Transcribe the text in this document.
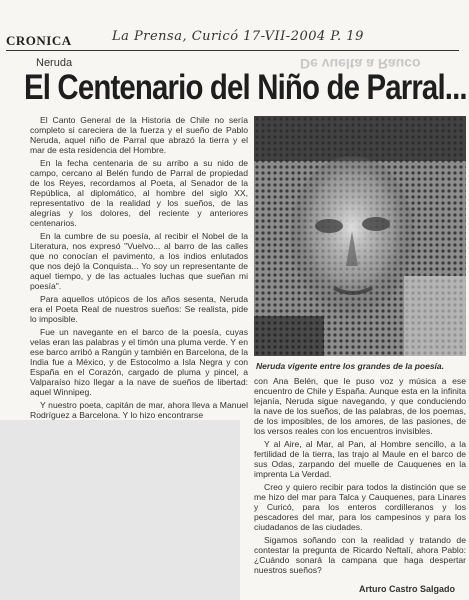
CRONICA	La Prensa, Curicó 17-VII-2004 P. 19
De vuelta a Rauco
Neruda
El Centenario del Niño de Parral...

El Canto General de la Historia de Chile no sería completo si careciera de la fuerza y el sueño de Pablo Neruda, aquel niño de Parral que abrazó la tierra y el mar de esta residencia del Hombre.

En la fecha centenaria de su arribo a su nido de campo, cercano al Belén fundo de Parral de propiedad de los Reyes, recordamos al Poeta, al Senador de la República, al diplomático, al hombre del siglo XX, representativo de la realidad y los sueños, de las alegrías y los dolores, del reciente y anteriores centenarios.

En la cumbre de su poesía, al recibir el Nobel de la Literatura, nos expresó "Vuelvo... al barro de las calles que no conocían el pavimento, a los indios enlutados que nos dejó la Conquista... Yo soy un representante de aquel tiempo, y de las actuales luchas que sueñan mi poesía".

Para aquellos utópicos de los años sesenta, Neruda era el Poeta Real de nuestros sueños: Se realista, pide lo imposible.

Fue un navegante en el barco de la poesía, cuyas velas eran las palabras y el timón una pluma verde. Y en ese barco arribó a Rangún y también en Barcelona, de la India fue a México, y de Estocolmo a Isla Negra y con España en el Corazón, cargado de pluma y pincel, a Valparaíso hizo llegar a la nave de sueños de libertad: aquel Winnipeg.

Y nuestro poeta, capitán de mar, ahora lleva a Manuel Rodríguez a Barcelona. Y lo hizo encontrarse

Neruda vigente entre los grandes de la poesía.

con Ana Belén, que le puso voz y música a ese encuentro de Chile y España. Aunque esta en la infinita lejanía, Neruda sigue navegando, y que conduciendo la nave de los sueños, de las palabras, de los poemas, de los imposibles, de los amores, de las pasiones, de los versos reales con los encuentros invisibles.

Y al Aire, al Mar, al Pan, al Hombre sencillo, a la fertilidad de la tierra, las trajo al Maule en el barco de sus Odas, zarpando del muelle de Cauquenes en la imprenta La Verdad.

Creo y quiero recibir para todos la distinción que se me hizo del mar para Talca y Cauquenes, para Linares y Curicó, para los enteros cordilleranos y los pescadores del mar, para los campesinos y para los ciudadanos de las ciudades.

Sigamos soñando con la realidad y tratando de contestar la pregunta de Ricardo Neftalí, ahora Pablo: ¿Cuándo sonará la campana que haga despertar nuestros sueños?

Arturo Castro Salgado
